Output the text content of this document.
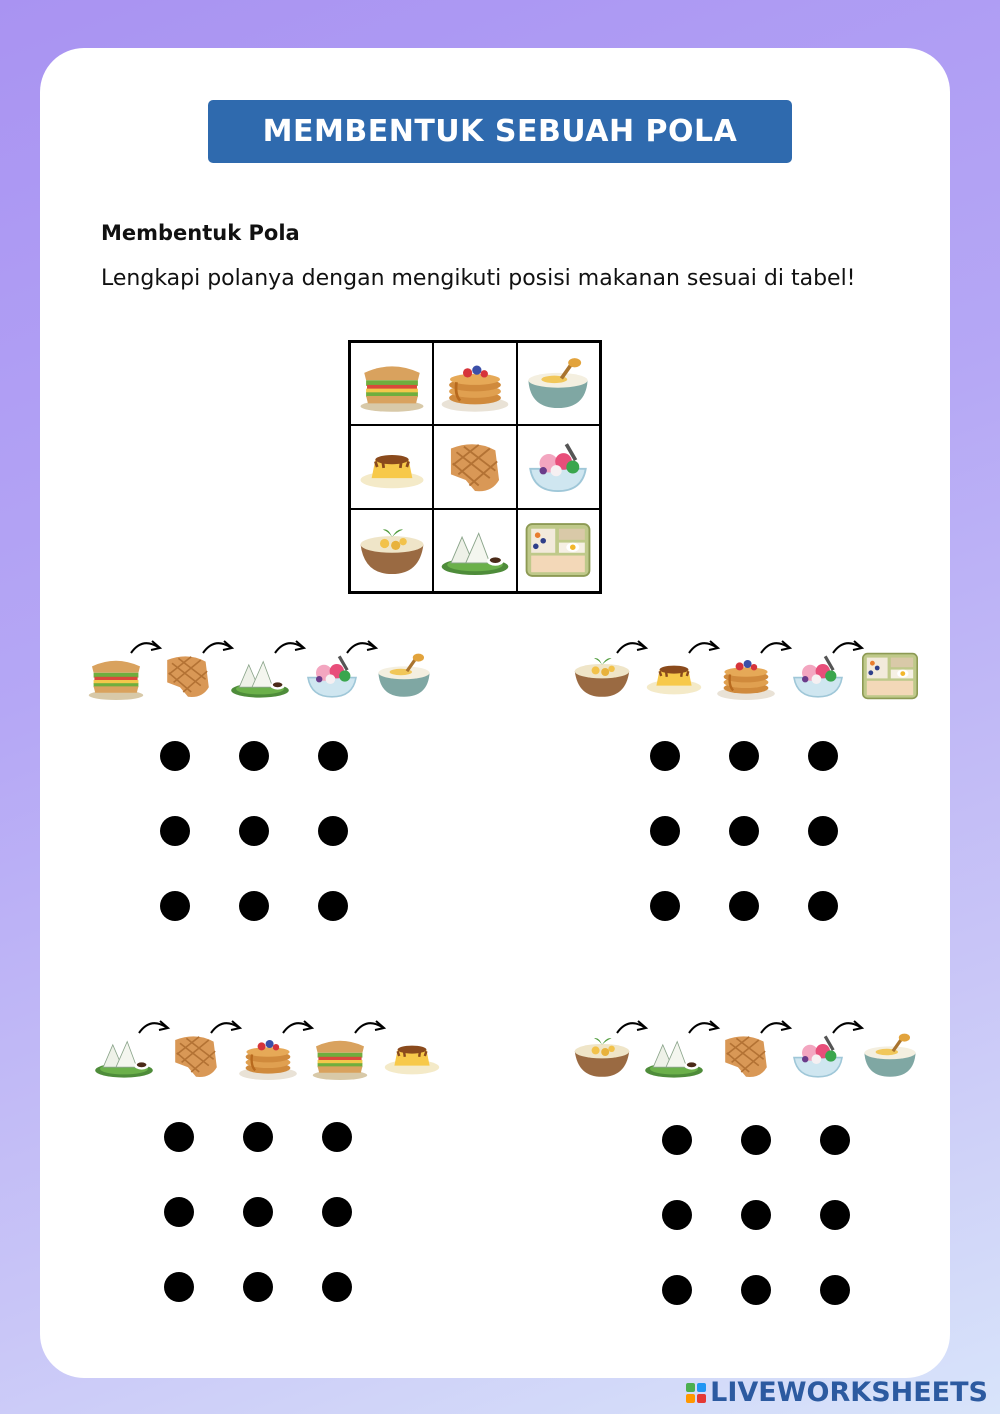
MEMBENTUK SEBUAH POLA
Membentuk Pola
Lengkapi polanya dengan mengikuti posisi makanan sesuai di tabel!
LIVEWORKSHEETS
